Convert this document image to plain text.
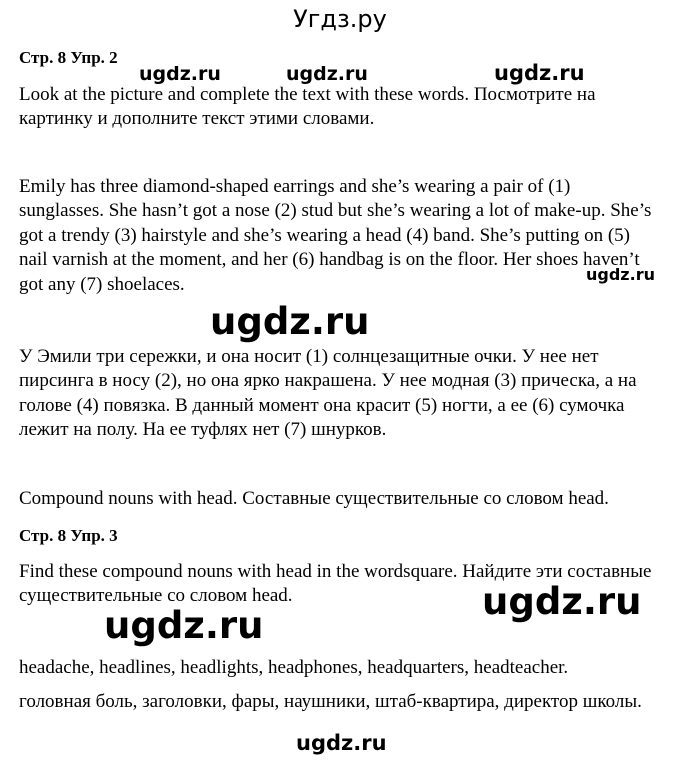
Угдз.ру
Стр. 8 Упр. 2
ugdz.ru	ugdz.ru	ugdz.ru
Look at the picture and complete the text with these words. Посмотрите на
картинку и дополните текст этими словами.
Emily has three diamond-shaped earrings and she’s wearing a pair of (1)
sunglasses. She hasn’t got a nose (2) stud but she’s wearing a lot of make-up. She’s
got a trendy (3) hairstyle and she’s wearing a head (4) band. She’s putting on (5)
nail varnish at the moment, and her (6) handbag is on the floor. Her shoes haven’t
got any (7) shoelaces.	ugdz.ru
ugdz.ru
У Эмили три сережки, и она носит (1) солнцезащитные очки. У нее нет
пирсинга в носу (2), но она ярко накрашена. У нее модная (3) прическа, а на
голове (4) повязка. В данный момент она красит (5) ногти, а ее (6) сумочка
лежит на полу. На ее туфлях нет (7) шнурков.
Compound nouns with head. Составные существительные со словом head.
Стр. 8 Упр. 3
Find these compound nouns with head in the wordsquare. Найдите эти составные
существительные со словом head.	ugdz.ru
ugdz.ru
headache, headlines, headlights, headphones, headquarters, headteacher.
головная боль, заголовки, фары, наушники, штаб-квартира, директор школы.
ugdz.ru
